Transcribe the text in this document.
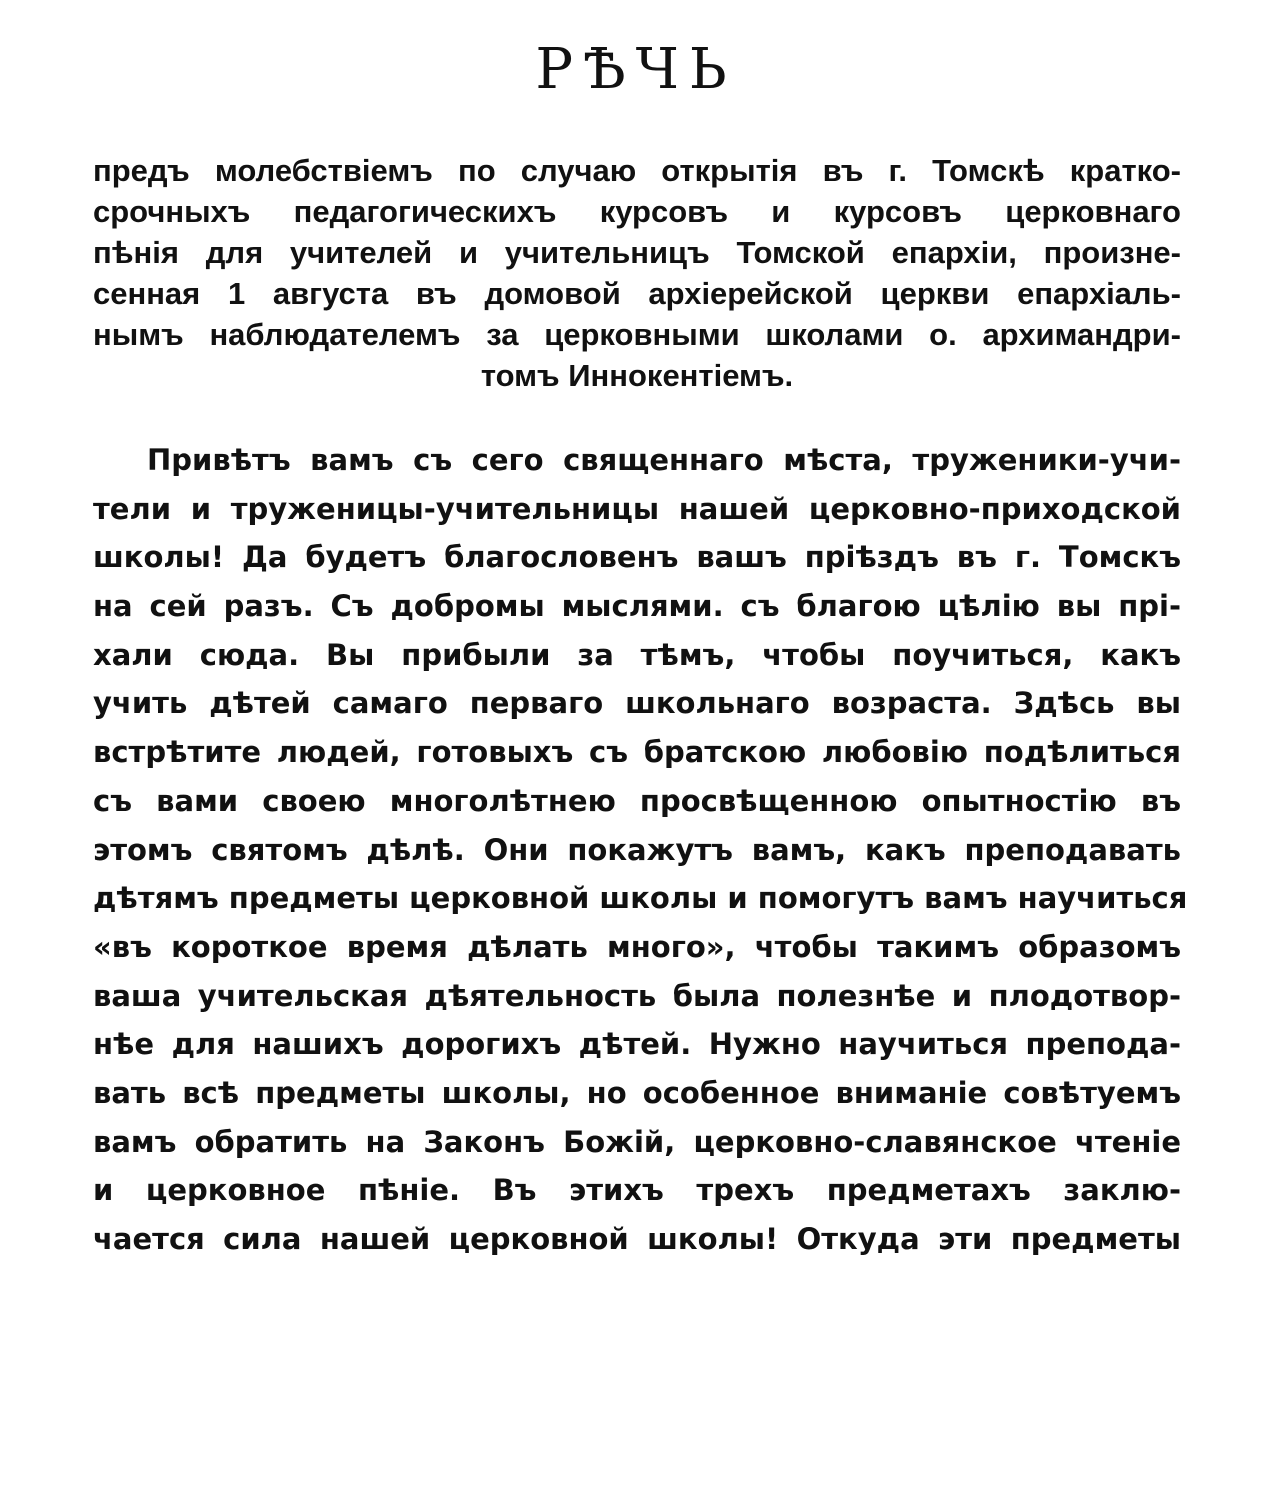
РѢЧЬ

предъ молебствіемъ по случаю открытія въ г. Томскѣ кратко-
срочныхъ педагогическихъ курсовъ и курсовъ церковнаго
пѣнія для учителей и учительницъ Томской епархіи, произне-
сенная 1 августа въ домовой архіерейской церкви епархіаль-
нымъ наблюдателемъ за церковными школами о. архимандри-
томъ Иннокентіемъ.

Привѣтъ вамъ съ сего священнаго мѣста, труженики-учи-
тели и труженицы-учительницы нашей церковно-приходской
школы! Да будетъ благословенъ вашъ пріѣздъ въ г. Томскъ
на сей разъ. Съ добромы мыслями. съ благою цѣлію вы прі-
хали сюда. Вы прибыли за тѣмъ, чтобы поучиться, какъ
учить дѣтей самаго перваго школьнаго возраста. Здѣсь вы
встрѣтите людей, готовыхъ съ братскою любовію подѣлиться
съ вами своею многолѣтнею просвѣщенною опытностію въ
этомъ святомъ дѣлѣ. Они покажутъ вамъ, какъ преподавать
дѣтямъ предметы церковной школы и помогутъ вамъ научиться
«въ короткое время дѣлать много», чтобы такимъ образомъ
ваша учительская дѣятельность была полезнѣе и плодотвор-
нѣе для нашихъ дорогихъ дѣтей. Нужно научиться препода-
вать всѣ предметы школы, но особенное вниманіе совѣтуемъ
вамъ обратить на Законъ Божій, церковно-славянское чтеніе
и церковное пѣніе. Въ этихъ трехъ предметахъ заклю-
чается сила нашей церковной школы! Откуда эти предметы
